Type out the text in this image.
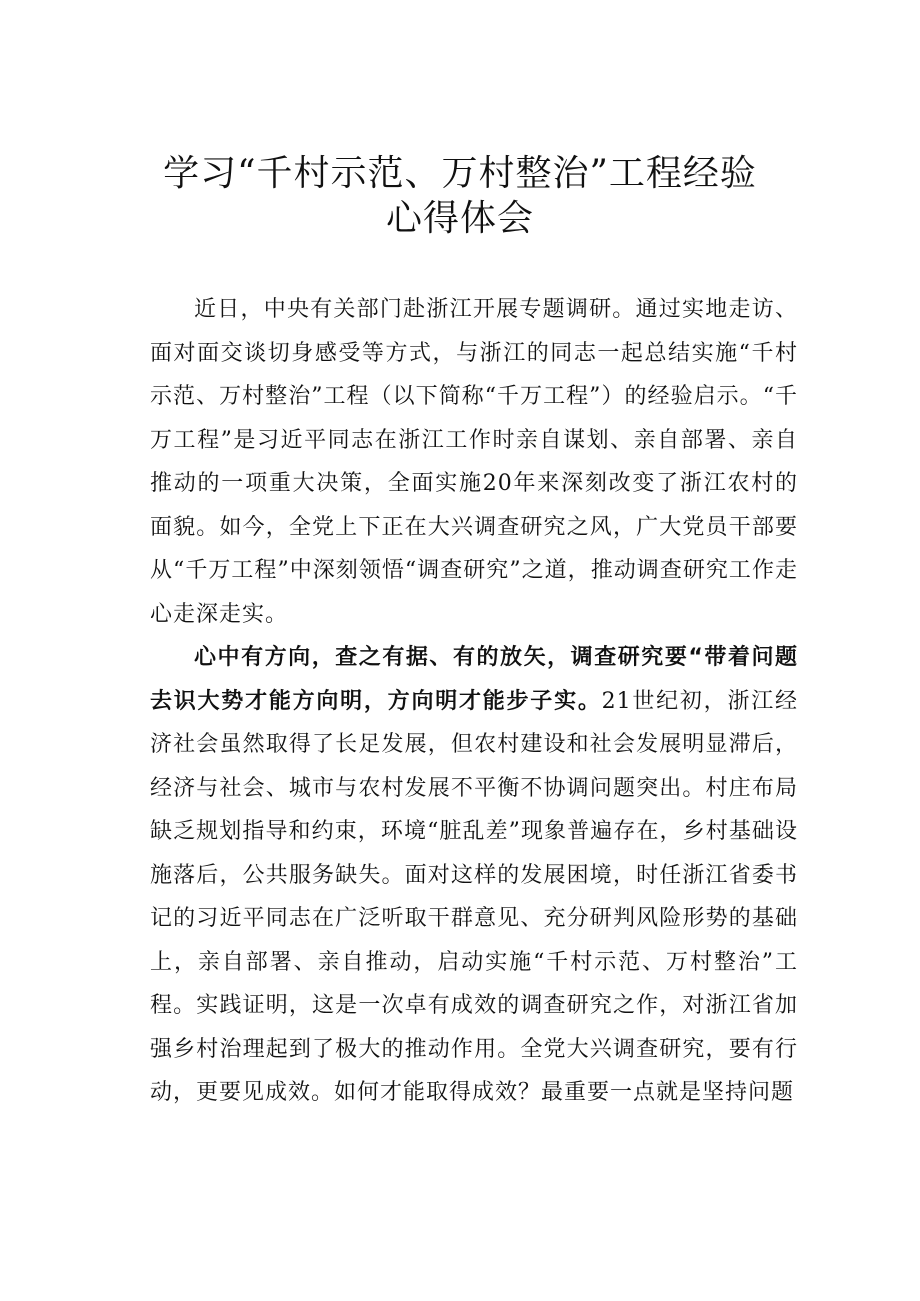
学习“千村示范、万村整治”工程经验
心得体会

近日，中央有关部门赴浙江开展专题调研。通过实地走访、面对面交谈切身感受等方式，与浙江的同志一起总结实施“千村示范、万村整治”工程（以下简称“千万工程”）的经验启示。“千万工程”是习近平同志在浙江工作时亲自谋划、亲自部署、亲自推动的一项重大决策，全面实施20年来深刻改变了浙江农村的面貌。如今，全党上下正在大兴调查研究之风，广大党员干部要从“千万工程”中深刻领悟“调查研究”之道，推动调查研究工作走心走深走实。

心中有方向，查之有据、有的放矢，调查研究要“带着问题去识大势才能方向明，方向明才能步子实。21世纪初，浙江经济社会虽然取得了长足发展，但农村建设和社会发展明显滞后，经济与社会、城市与农村发展不平衡不协调问题突出。村庄布局缺乏规划指导和约束，环境“脏乱差”现象普遍存在，乡村基础设施落后，公共服务缺失。面对这样的发展困境，时任浙江省委书记的习近平同志在广泛听取干群意见、充分研判风险形势的基础上，亲自部署、亲自推动，启动实施“千村示范、万村整治”工程。实践证明，这是一次卓有成效的调查研究之作，对浙江省加强乡村治理起到了极大的推动作用。全党大兴调查研究，要有行动，更要见成效。如何才能取得成效？最重要一点就是坚持问题
